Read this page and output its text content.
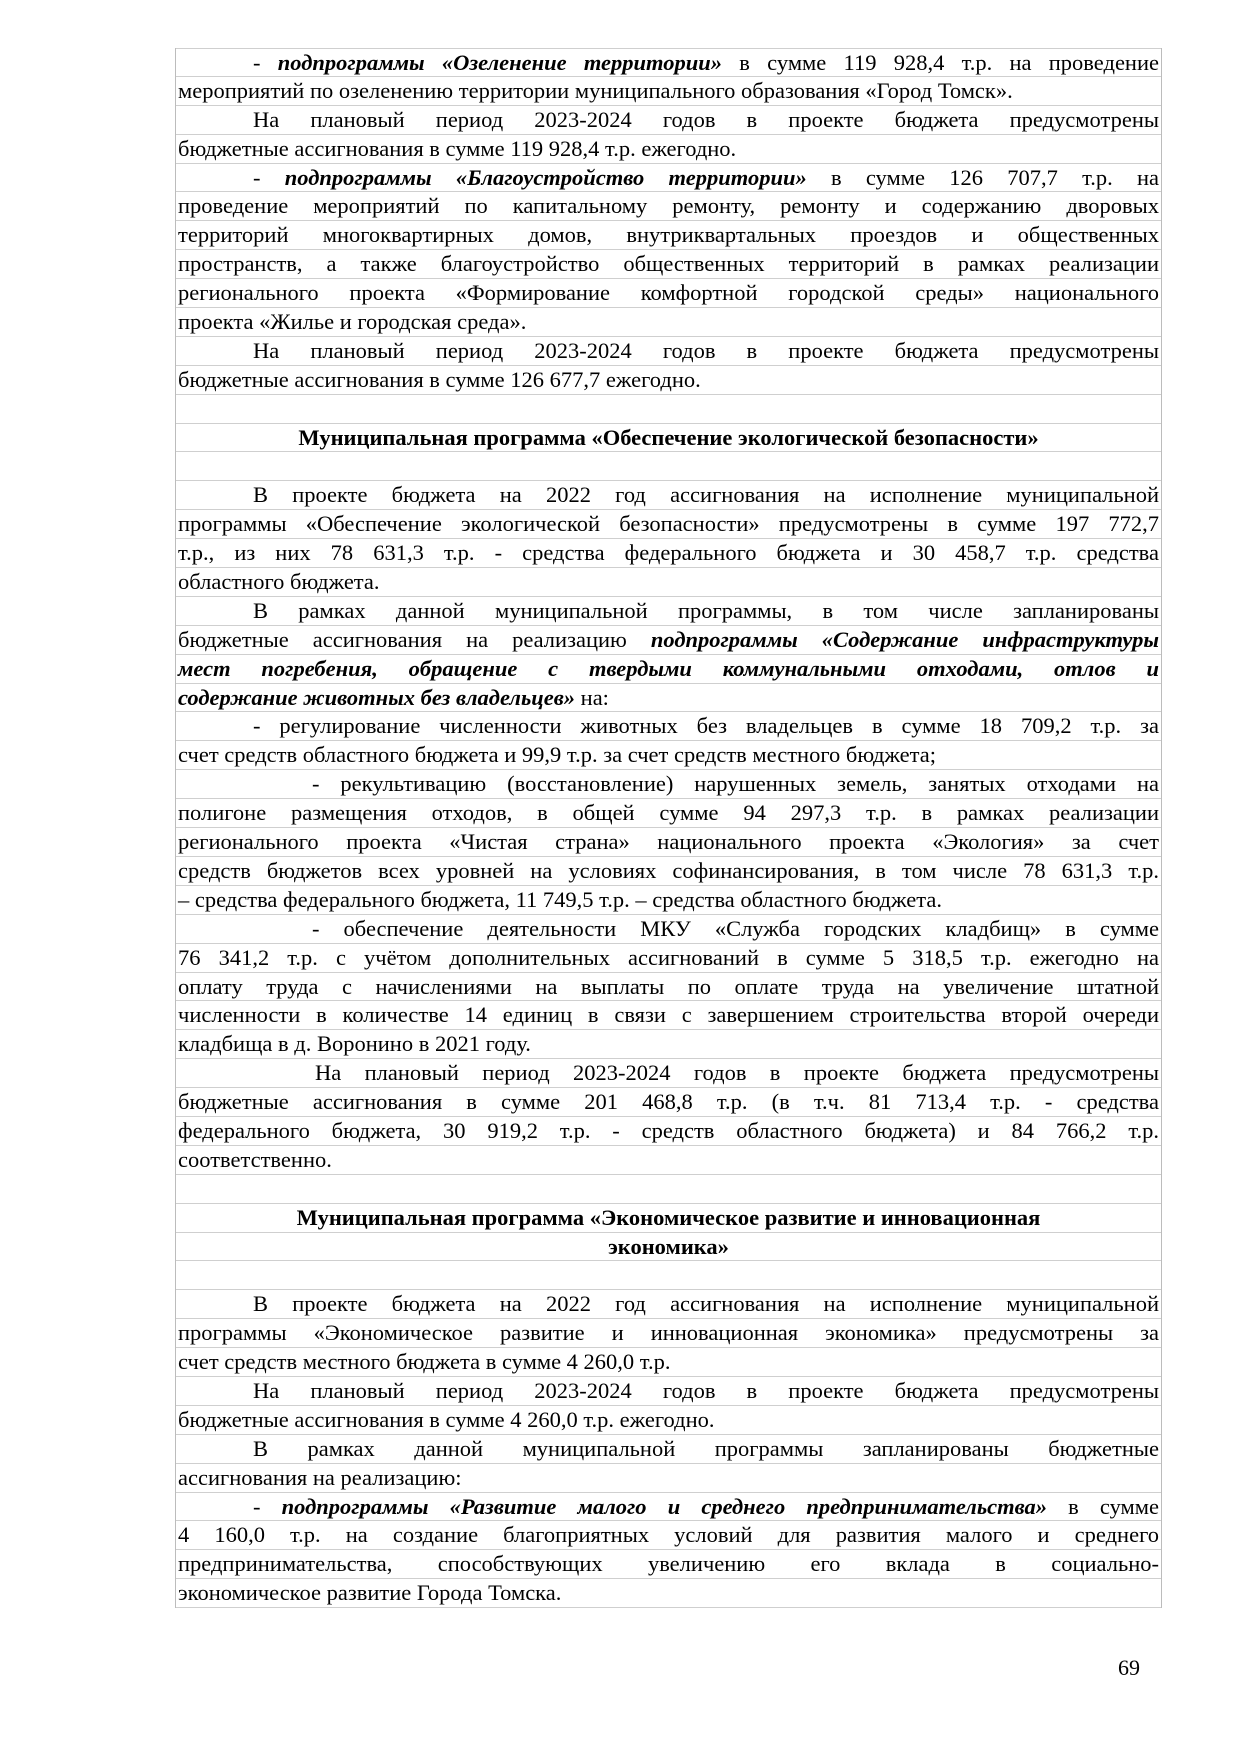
- подпрограммы «Озеленение территории» в сумме 119 928,4 т.р. на проведение
мероприятий по озеленению территории муниципального образования «Город Томск».
На плановый период 2023-2024 годов в проекте бюджета предусмотрены
бюджетные ассигнования в сумме 119 928,4 т.р. ежегодно.
- подпрограммы «Благоустройство территории» в сумме 126 707,7 т.р. на
проведение мероприятий по капитальному ремонту, ремонту и содержанию дворовых
территорий многоквартирных домов, внутриквартальных проездов и общественных
пространств, а также благоустройство общественных территорий в рамках реализации
регионального проекта «Формирование комфортной городской среды» национального
проекта «Жилье и городская среда».
На плановый период 2023-2024 годов в проекте бюджета предусмотрены
бюджетные ассигнования в сумме 126 677,7 ежегодно.
Муниципальная программа «Обеспечение экологической безопасности»
В проекте бюджета на 2022 год ассигнования на исполнение муниципальной
программы «Обеспечение экологической безопасности» предусмотрены в сумме 197 772,7
т.р., из них 78 631,3 т.р. - средства федерального бюджета и 30 458,7 т.р. средства
областного бюджета.
В рамках данной муниципальной программы, в том числе запланированы
бюджетные ассигнования на реализацию подпрограммы «Содержание инфраструктуры
мест погребения, обращение с твердыми коммунальными отходами, отлов и
содержание животных без владельцев» на:
- регулирование численности животных без владельцев в сумме 18 709,2 т.р. за
счет средств областного бюджета и 99,9 т.р. за счет средств местного бюджета;
- рекультивацию (восстановление) нарушенных земель, занятых отходами на
полигоне размещения отходов, в общей сумме 94 297,3 т.р. в рамках реализации
регионального проекта «Чистая страна» национального проекта «Экология» за счет
средств бюджетов всех уровней на условиях софинансирования, в том числе 78 631,3 т.р.
– средства федерального бюджета, 11 749,5 т.р. – средства областного бюджета.
- обеспечение деятельности МКУ «Служба городских кладбищ» в сумме
76 341,2 т.р. с учётом дополнительных ассигнований в сумме 5 318,5 т.р. ежегодно на
оплату труда с начислениями на выплаты по оплате труда на увеличение штатной
численности в количестве 14 единиц в связи с завершением строительства второй очереди
кладбища в д. Воронино в 2021 году.
На плановый период 2023-2024 годов в проекте бюджета предусмотрены
бюджетные ассигнования в сумме 201 468,8 т.р. (в т.ч. 81 713,4 т.р. - средства
федерального бюджета, 30 919,2 т.р. - средств областного бюджета) и 84 766,2 т.р.
соответственно.
Муниципальная программа «Экономическое развитие и инновационная
экономика»
В проекте бюджета на 2022 год ассигнования на исполнение муниципальной
программы «Экономическое развитие и инновационная экономика» предусмотрены за
счет средств местного бюджета в сумме 4 260,0 т.р.
На плановый период 2023-2024 годов в проекте бюджета предусмотрены
бюджетные ассигнования в сумме 4 260,0 т.р. ежегодно.
В рамках данной муниципальной программы запланированы бюджетные
ассигнования на реализацию:
- подпрограммы «Развитие малого и среднего предпринимательства» в сумме
4 160,0 т.р. на создание благоприятных условий для развития малого и среднего
предпринимательства, способствующих увеличению его вклада в социально-
экономическое развитие Города Томска.
69
